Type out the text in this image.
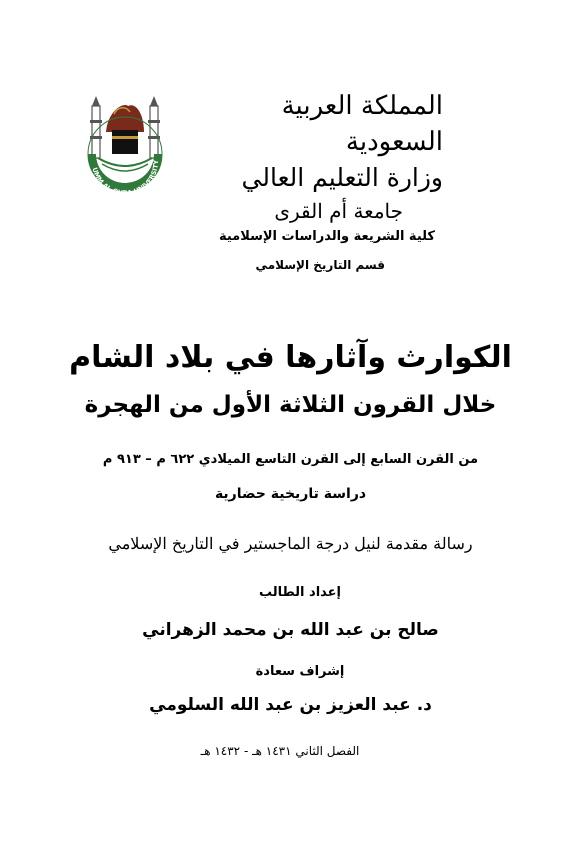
المملكة العربية السعودية
وزارة التعليم العالي
جامعة أم القرى
كلية الشريعة والدراسات الإسلامية
قسم التاريخ الإسلامي
UMM AL-QURA UNIVERSITY
الكوارث وآثارها في بلاد الشام
خلال القرون الثلاثة الأول من الهجرة
من القرن السابع إلى القرن التاسع الميلادي ٦٢٢ م – ٩١٣ م
دراسة تاريخية حضارية
رسالة مقدمة لنيل درجة الماجستير في التاريخ الإسلامي
إعداد الطالب
صالح بن عبد الله بن محمد الزهراني
إشراف سعادة
د. عبد العزيز بن عبد الله السلومي
الفصل الثاني ١٤٣١ هـ - ١٤٣٢ هـ
